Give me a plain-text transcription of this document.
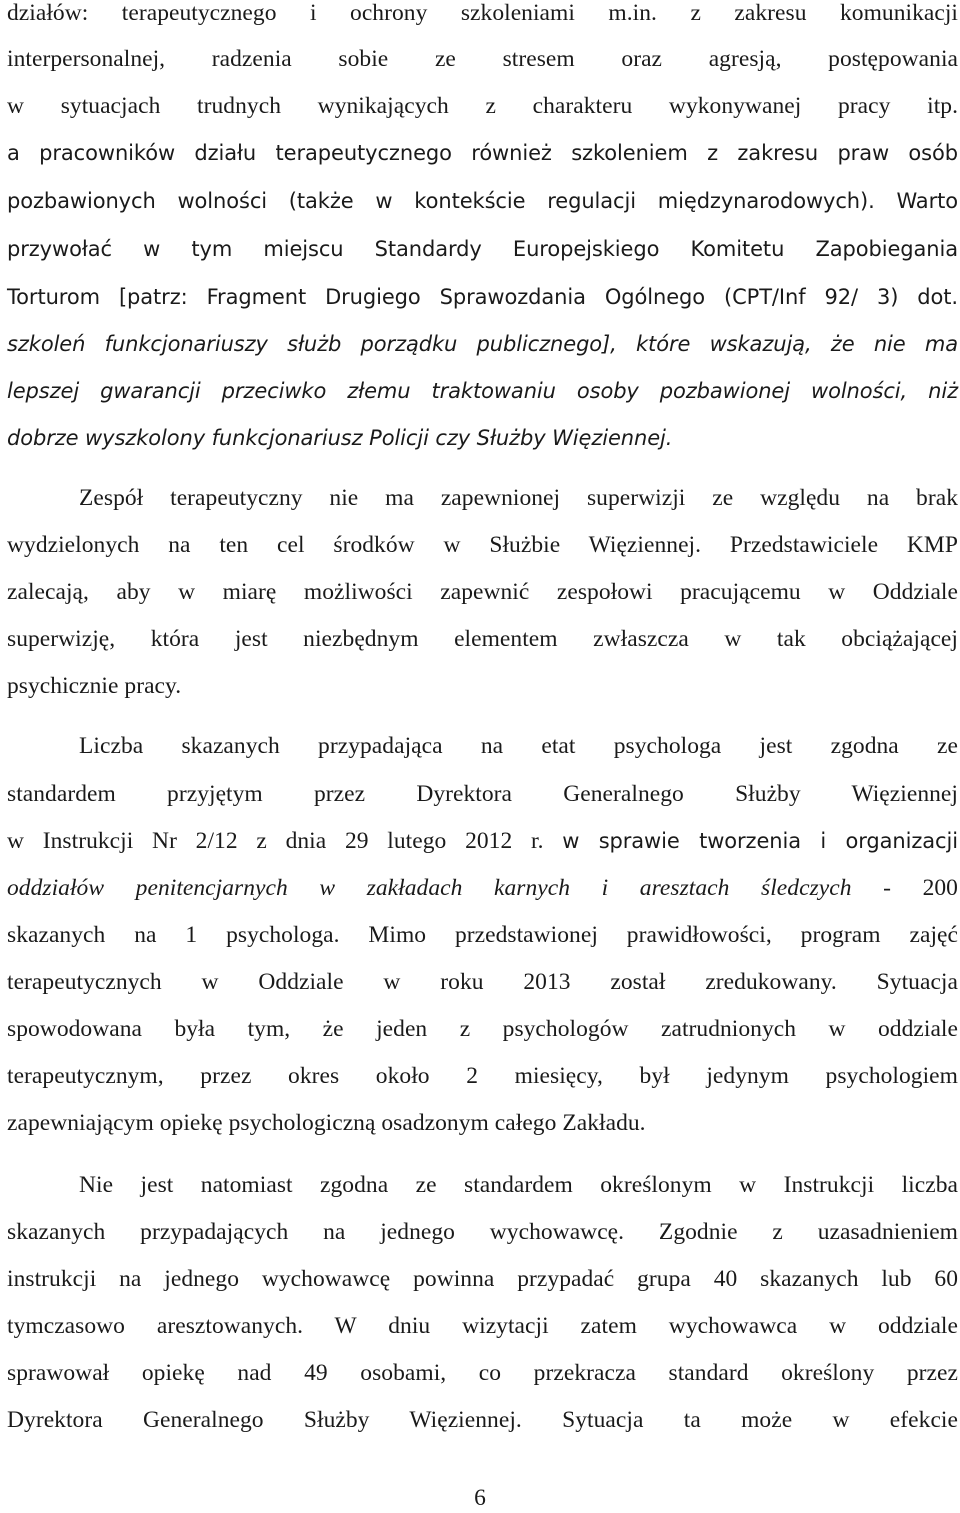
działów: terapeutycznego i ochrony szkoleniami m.in. z zakresu komunikacji
interpersonalnej, radzenia sobie ze stresem oraz agresją, postępowania
w sytuacjach trudnych wynikających z charakteru wykonywanej pracy itp.
a pracowników działu terapeutycznego również szkoleniem z zakresu praw osób
pozbawionych wolności (także w kontekście regulacji międzynarodowych). Warto
przywołać w tym miejscu Standardy Europejskiego Komitetu Zapobiegania
Torturom [patrz: Fragment Drugiego Sprawozdania Ogólnego (CPT/Inf 92/ 3) dot.
szkoleń funkcjonariuszy służb porządku publicznego], które wskazują, że nie ma
lepszej gwarancji przeciwko złemu traktowaniu osoby pozbawionej wolności, niż
dobrze wyszkolony funkcjonariusz Policji czy Służby Więziennej.
Zespół terapeutyczny nie ma zapewnionej superwizji ze względu na brak
wydzielonych na ten cel środków w Służbie Więziennej. Przedstawiciele KMP
zalecają, aby w miarę możliwości zapewnić zespołowi pracującemu w Oddziale
superwizję, która jest niezbędnym elementem zwłaszcza w tak obciążającej
psychicznie pracy.
Liczba skazanych przypadająca na etat psychologa jest zgodna ze
standardem przyjętym przez Dyrektora Generalnego Służby Więziennej
w Instrukcji Nr 2/12 z dnia 29 lutego 2012 r. w sprawie tworzenia i organizacji
oddziałów penitencjarnych w zakładach karnych i aresztach śledczych - 200
skazanych na 1 psychologa. Mimo przedstawionej prawidłowości, program zajęć
terapeutycznych w Oddziale w roku 2013 został zredukowany. Sytuacja
spowodowana była tym, że jeden z psychologów zatrudnionych w oddziale
terapeutycznym, przez okres około 2 miesięcy, był jedynym psychologiem
zapewniającym opiekę psychologiczną osadzonym całego Zakładu.
Nie jest natomiast zgodna ze standardem określonym w Instrukcji liczba
skazanych przypadających na jednego wychowawcę. Zgodnie z uzasadnieniem
instrukcji na jednego wychowawcę powinna przypadać grupa 40 skazanych lub 60
tymczasowo aresztowanych. W dniu wizytacji zatem wychowawca w oddziale
sprawował opiekę nad 49 osobami, co przekracza standard określony przez
Dyrektora Generalnego Służby Więziennej. Sytuacja ta może w efekcie
6
